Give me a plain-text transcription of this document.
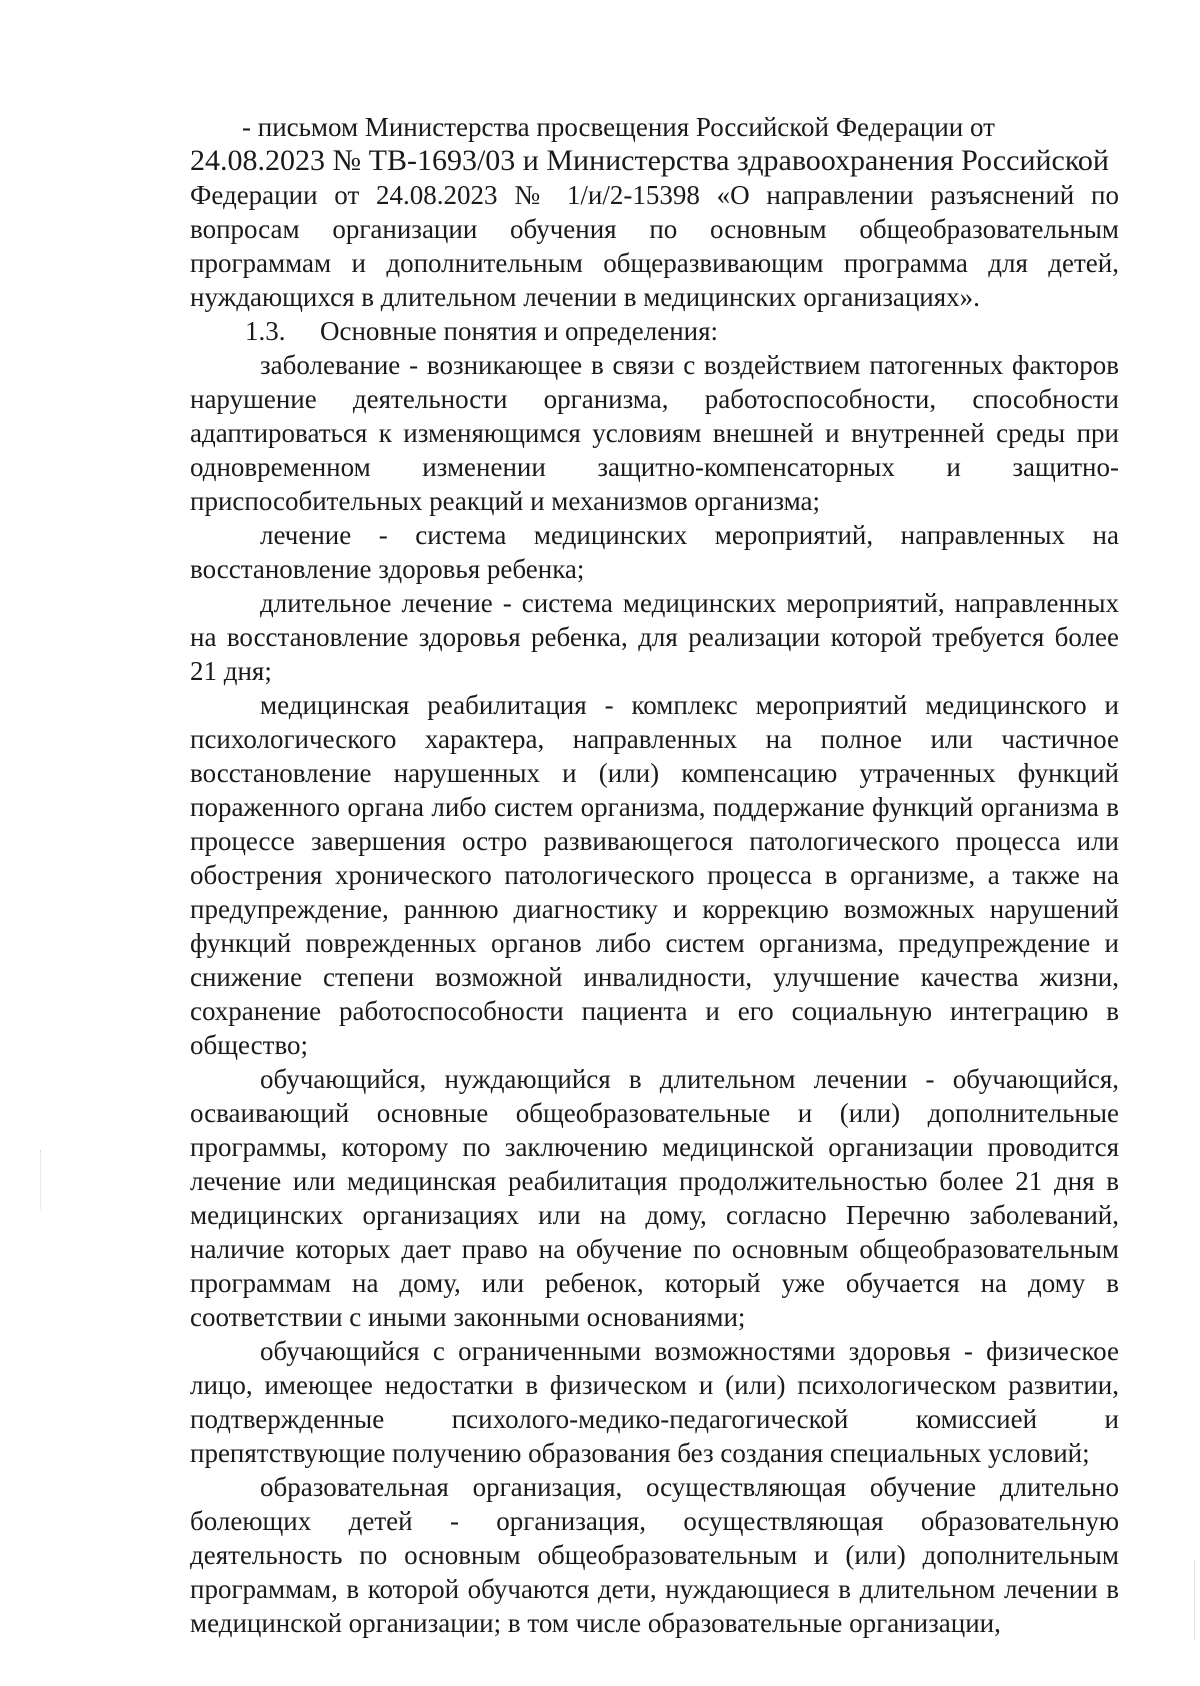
- письмом Министерства просвещения Российской Федерации от

24.08.2023 № ТВ-1693/03 и Министерства здравоохранения Российской

Федерации от 24.08.2023 № 1/и/2-15398 «О направлении разъяснений по вопросам организации обучения по основным общеобразовательным программам и дополнительным общеразвивающим программа для детей, нуждающихся в длительном лечении в медицинских организациях».

1.3. Основные понятия и определения:

заболевание - возникающее в связи с воздействием патогенных факторов нарушение деятельности организма, работоспособности, способности адаптироваться к изменяющимся условиям внешней и внутренней среды при одновременном изменении защитно-компенсаторных и защитно-приспособительных реакций и механизмов организма;

лечение - система медицинских мероприятий, направленных на восстановление здоровья ребенка;

длительное лечение - система медицинских мероприятий, направленных на восстановление здоровья ребенка, для реализации которой требуется более 21 дня;

медицинская реабилитация - комплекс мероприятий медицинского и психологического характера, направленных на полное или частичное восстановление нарушенных и (или) компенсацию утраченных функций пораженного органа либо систем организма, поддержание функций организма в процессе завершения остро развивающегося патологического процесса или обострения хронического патологического процесса в организме, а также на предупреждение, раннюю диагностику и коррекцию возможных нарушений функций поврежденных органов либо систем организма, предупреждение и снижение степени возможной инвалидности, улучшение качества жизни, сохранение работоспособности пациента и его социальную интеграцию в общество;

обучающийся, нуждающийся в длительном лечении - обучающийся, осваивающий основные общеобразовательные и (или) дополнительные программы, которому по заключению медицинской организации проводится лечение или медицинская реабилитация продолжительностью более 21 дня в медицинских организациях или на дому, согласно Перечню заболеваний, наличие которых дает право на обучение по основным общеобразовательным программам на дому, или ребенок, который уже обучается на дому в соответствии с иными законными основаниями;

обучающийся с ограниченными возможностями здоровья - физическое лицо, имеющее недостатки в физическом и (или) психологическом развитии, подтвержденные психолого-медико-педагогической комиссией и препятствующие получению образования без создания специальных условий;

образовательная организация, осуществляющая обучение длительно болеющих детей - организация, осуществляющая образовательную деятельность по основным общеобразовательным и (или) дополнительным программам, в которой обучаются дети, нуждающиеся в длительном лечении в медицинской организации; в том числе образовательные организации,
